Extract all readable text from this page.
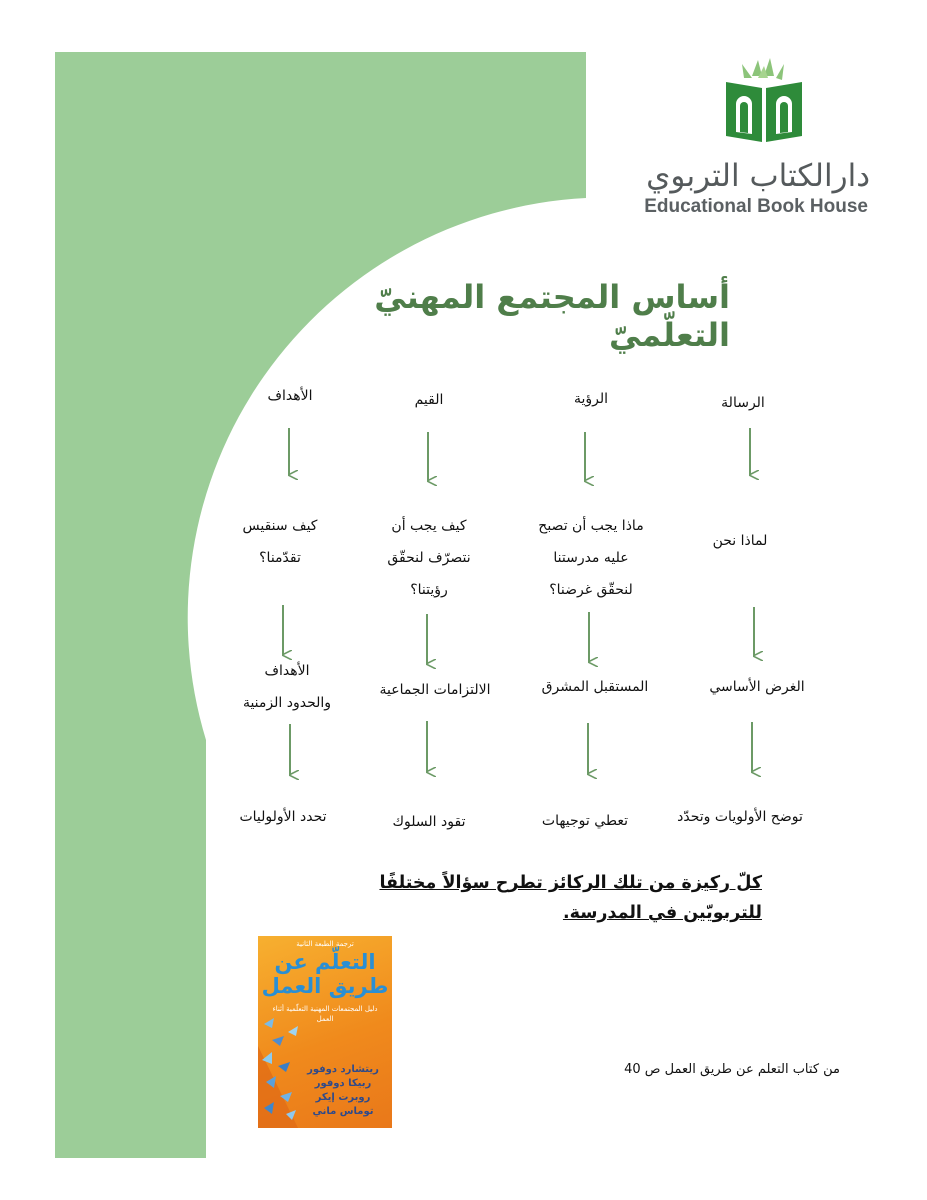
دارالكتاب التربوي
Educational Book House
أساس المجتمع المهنيّ التعلّميّ
الرسالة
لماذا نحن
الغرض الأساسي
توضح الأولويات وتحدّد
الرؤية
ماذا يجب أن تصبح
عليه مدرستنا
لنحقّق غرضنا؟
المستقبل المشرق
تعطي توجيهات
القيم
كيف يجب أن
نتصرّف لنحقّق
رؤيتنا؟
الالتزامات الجماعية
تقود السلوك
الأهداف
كيف سنقيس
تقدّمنا؟
الأهداف
والحدود الزمنية
تحدد الأولوليات
كلّ ركيزة من تلك الركائز تطرح سؤالاً مختلفًا للتربويّين في المدرسة.
ترجمة الطبعة الثانية
التعلّم عن
طريق العمل
دليل المجتمعات المهنية التعلّمية أثناء العمل
ريتشارد دوفور
ربيكا دوفور
روبرت إيكر
توماس ماني
من كتاب التعلم عن طريق العمل ص 40
